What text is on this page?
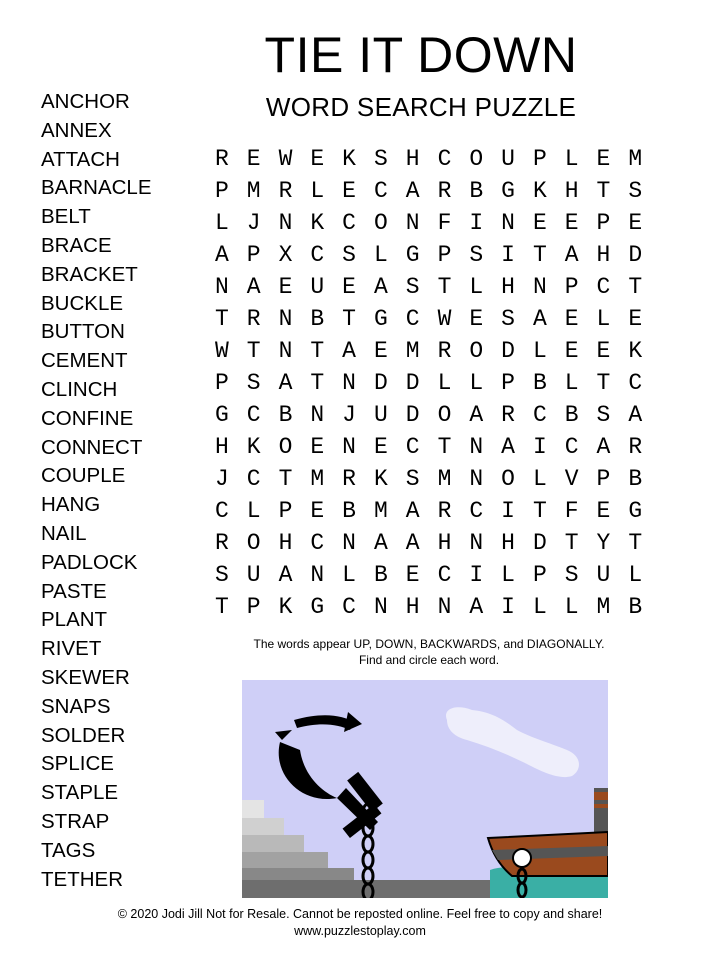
TIE IT DOWN
WORD SEARCH PUZZLE
ANCHOR
ANNEX
ATTACH
BARNACLE
BELT
BRACE
BRACKET
BUCKLE
BUTTON
CEMENT
CLINCH
CONFINE
CONNECT
COUPLE
HANG
NAIL
PADLOCK
PASTE
PLANT
RIVET
SKEWER
SNAPS
SOLDER
SPLICE
STAPLE
STRAP
TAGS
TETHER
R E W E K S H C O U P L E M
P M R L E C A R B G K H T S
L J N K C O N F I N E E P E
A P X C S L G P S I T A H D
N A E U E A S T L H N P C T
T R N B T G C W E S A E L E
W T N T A E M R O D L E E K
P S A T N D D L L P B L T C
G C B N J U D O A R C B S A
H K O E N E C T N A I C A R
J C T M R K S M N O L V P B
C L P E B M A R C I T F E G
R O H C N A A H N H D T Y T
S U A N L B E C I L P S U L
T P K G C N H N A I L L M B
The words appear UP, DOWN, BACKWARDS, and DIAGONALLY.
Find and circle each word.
© 2020 Jodi Jill Not for Resale. Cannot be reposted online. Feel free to copy and share!
www.puzzlestoplay.com
